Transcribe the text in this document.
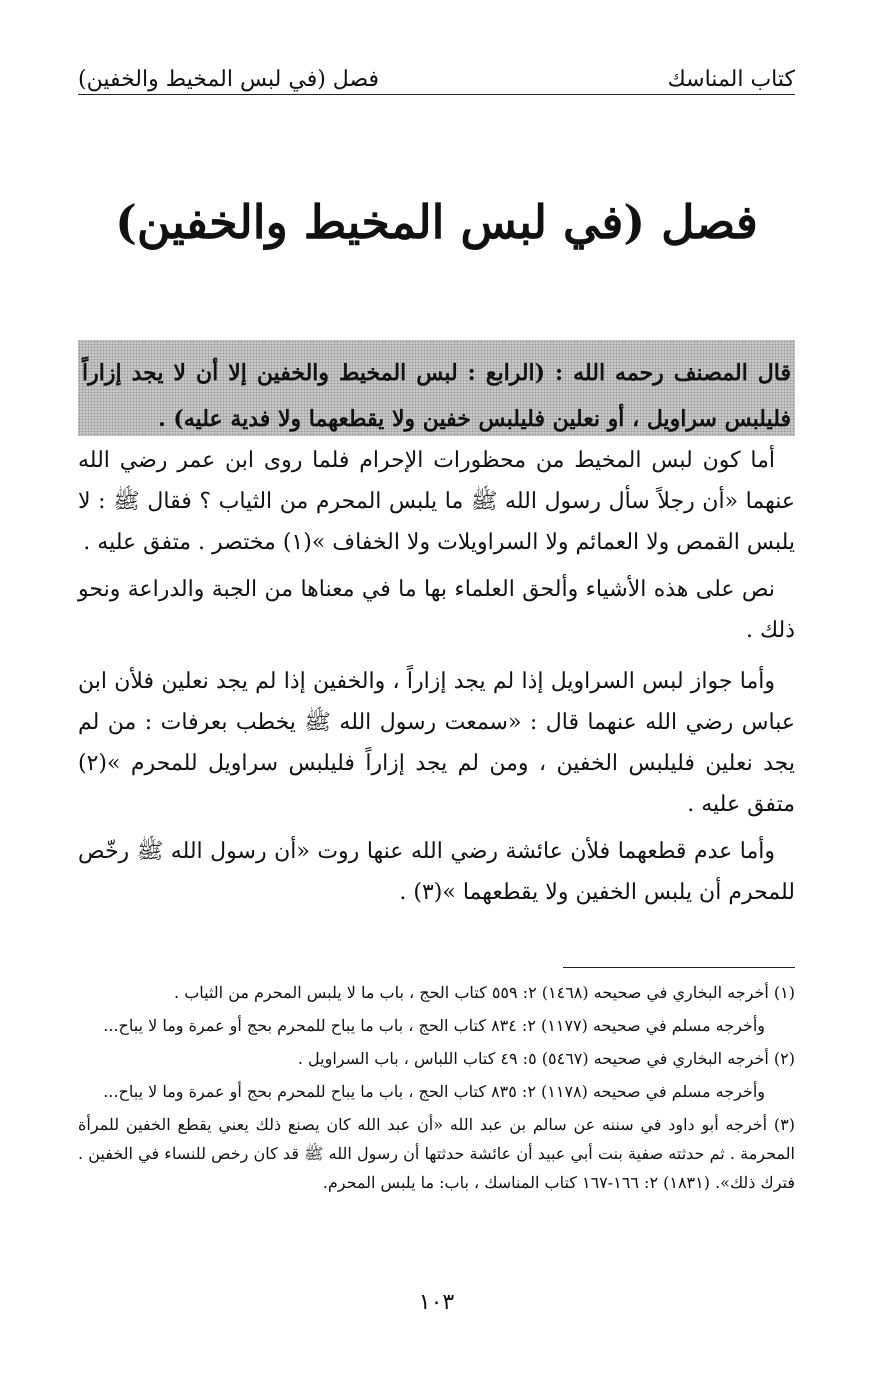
كتاب المناسك
فصل (في لبس المخيط والخفين)
فصل (في لبس المخيط والخفين)
قال المصنف رحمه الله : (الرابع : لبس المخيط والخفين إلا أن لا يجد إزاراً فليلبس سراويل ، أو نعلين فليلبس خفين ولا يقطعهما ولا فدية عليه) .

أما كون لبس المخيط من محظورات الإحرام فلما روى ابن عمر رضي الله عنهما «أن رجلاً سأل رسول الله ﷺ ما يلبس المحرم من الثياب ؟ فقال ﷺ : لا يلبس القمص ولا العمائم ولا السراويلات ولا الخفاف »(١) مختصر . متفق عليه .

نص على هذه الأشياء وألحق العلماء بها ما في معناها من الجبة والدراعة ونحو ذلك .

وأما جواز لبس السراويل إذا لم يجد إزاراً ، والخفين إذا لم يجد نعلين فلأن ابن عباس رضي الله عنهما قال : «سمعت رسول الله ﷺ يخطب بعرفات : من لم يجد نعلين فليلبس الخفين ، ومن لم يجد إزاراً فليلبس سراويل للمحرم »(٢) متفق عليه .

وأما عدم قطعهما فلأن عائشة رضي الله عنها روت «أن رسول الله ﷺ رخّص للمحرم أن يلبس الخفين ولا يقطعهما »(٣) .

(١) أخرجه البخاري في صحيحه (١٤٦٨) ٢: ٥٥٩ كتاب الحج ، باب ما لا يلبس المحرم من الثياب .
وأخرجه مسلم في صحيحه (١١٧٧) ٢: ٨٣٤ كتاب الحج ، باب ما يباح للمحرم بحج أو عمرة وما لا يباح...
(٢) أخرجه البخاري في صحيحه (٥٤٦٧) ٥: ٤٩ كتاب اللباس ، باب السراويل .
وأخرجه مسلم في صحيحه (١١٧٨) ٢: ٨٣٥ كتاب الحج ، باب ما يباح للمحرم بحج أو عمرة وما لا يباح...
(٣) أخرجه أبو داود في سننه عن سالم بن عبد الله «أن عبد الله كان يصنع ذلك يعني يقطع الخفين للمرأة المحرمة . ثم حدثته صفية بنت أبي عبيد أن عائشة حدثتها أن رسول الله ﷺ قد كان رخص للنساء في الخفين . فترك ذلك». (١٨٣١) ٢: ١٦٦-١٦٧ كتاب المناسك ، باب: ما يلبس المحرم.
١٠٣
